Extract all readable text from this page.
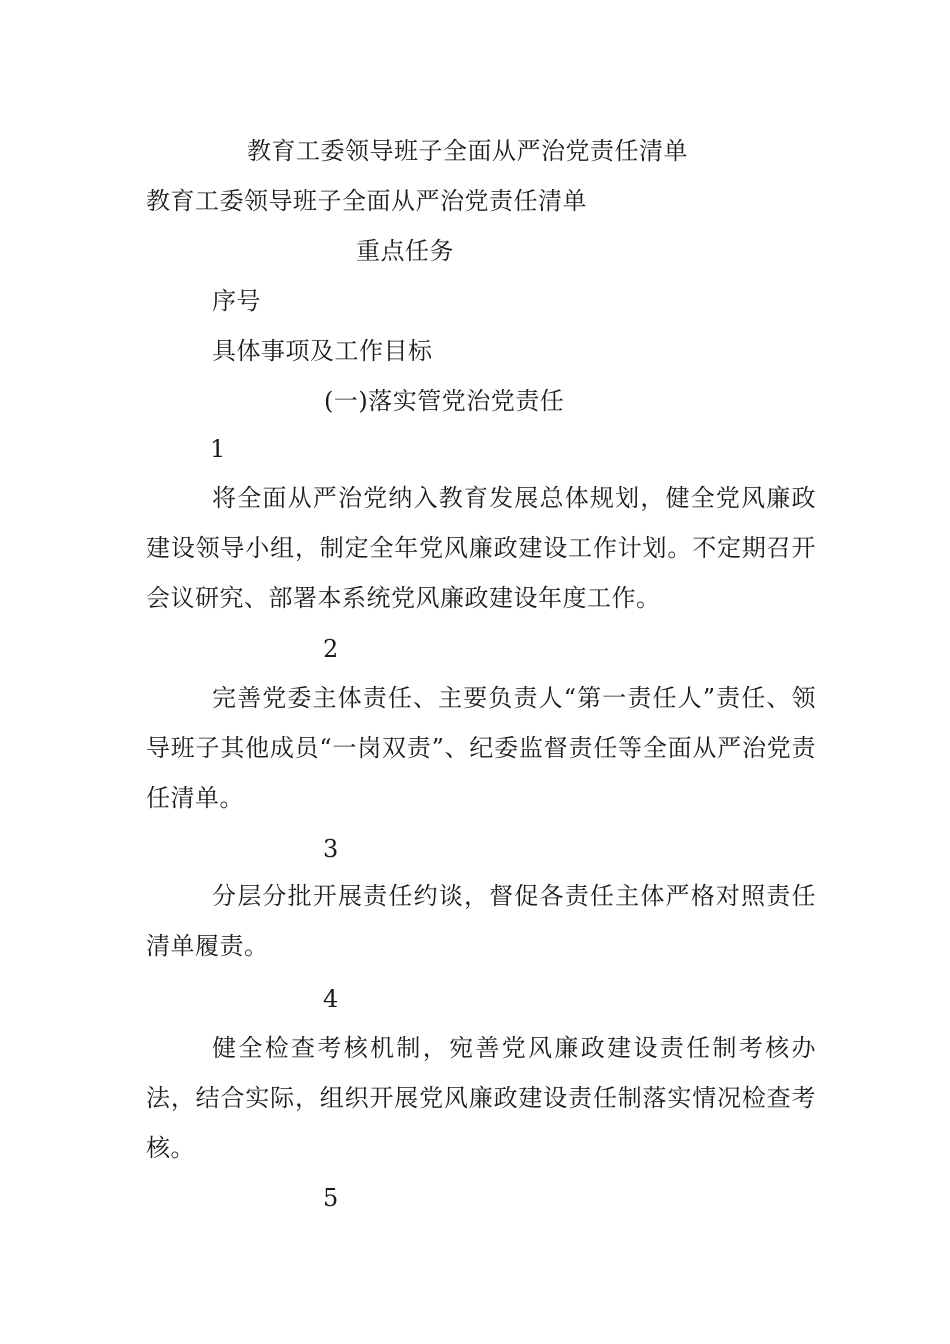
教育工委领导班子全面从严治党责任清单
教育工委领导班子全面从严治党责任清单
重点任务
序号
具体事项及工作目标
(一)落实管党治党责任
1
将全面从严治党纳入教育发展总体规划，健全党风廉政建设领导小组，制定全年党风廉政建设工作计划。不定期召开会议研究、部署本系统党风廉政建设年度工作。
2
完善党委主体责任、主要负责人“第一责任人”责任、领导班子其他成员“一岗双责”、纪委监督责任等全面从严治党责任清单。
3
分层分批开展责任约谈，督促各责任主体严格对照责任清单履责。
4
健全检查考核机制，宛善党风廉政建设责任制考核办法，结合实际，组织开展党风廉政建设责任制落实情况检查考核。
5
